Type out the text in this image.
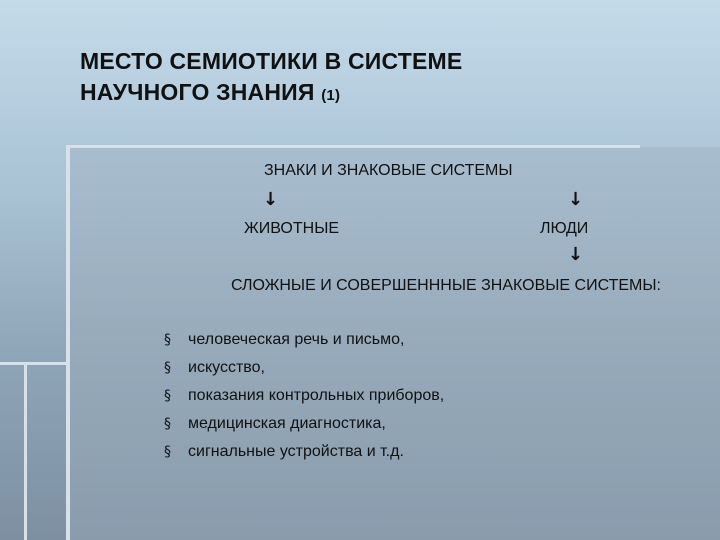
МЕСТО СЕМИОТИКИ В СИСТЕМЕ
НАУЧНОГО ЗНАНИЯ (1)
ЗНАКИ И ЗНАКОВЫЕ СИСТЕМЫ
↓	↓
ЖИВОТНЫЕ	ЛЮДИ
↓
СЛОЖНЫЕ И СОВЕРШЕНННЫЕ ЗНАКОВЫЕ СИСТЕМЫ:
§ человеческая речь и письмо,
§ искусство,
§ показания контрольных приборов,
§ медицинская диагностика,
§ сигнальные устройства и т.д.
